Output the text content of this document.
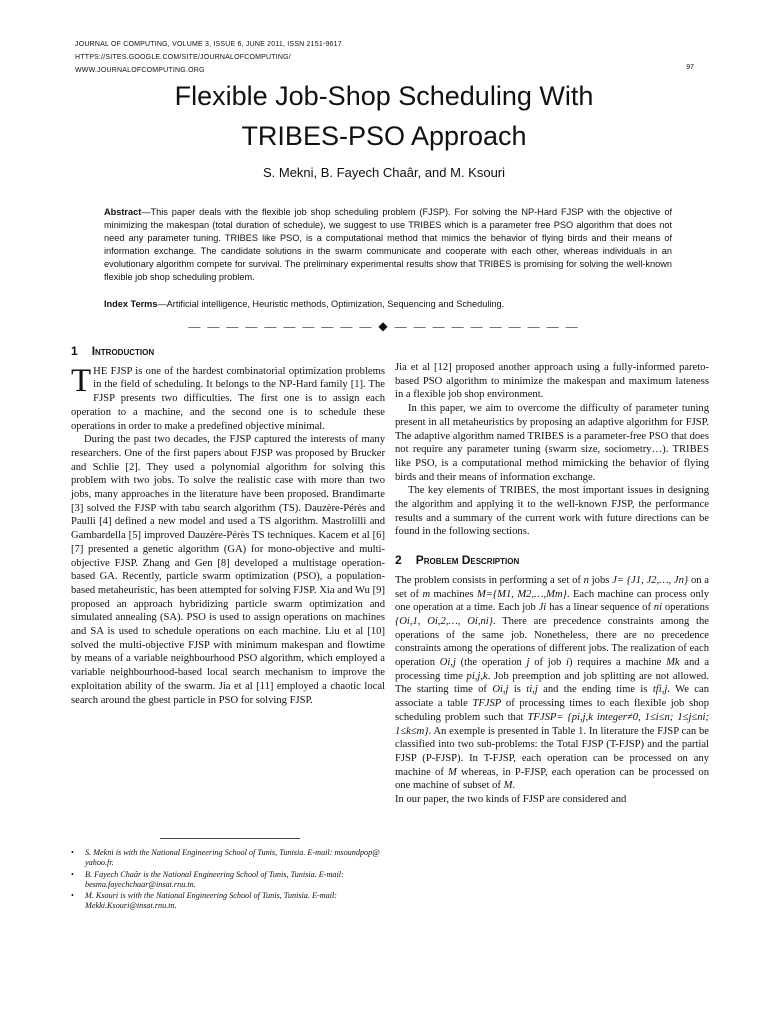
JOURNAL OF COMPUTING, VOLUME 3, ISSUE 6, JUNE 2011, ISSN 2151-9617
HTTPS://SITES.GOOGLE.COM/SITE/JOURNALOFCOMPUTING/
WWW.JOURNALOFCOMPUTING.ORG	97
Flexible Job-Shop Scheduling With
TRIBES-PSO Approach
S. Mekni, B. Fayech Chaâr, and M. Ksouri
Abstract—This paper deals with the flexible job shop scheduling problem (FJSP). For solving the NP-Hard FJSP with the objective of minimizing the makespan (total duration of schedule), we suggest to use TRIBES which is a parameter free PSO algorithm that does not need any parameter tuning. TRIBES like PSO, is a computational method that mimics the behavior of flying birds and their means of information exchange. The candidate solutions in the swarm communicate and cooperate with each other, whereas individuals in an evolutionary algorithm compete for survival. The preliminary experimental results show that TRIBES is promising for solving the well-known flexible job shop scheduling problem.
Index Terms—Artificial intelligence, Heuristic methods, Optimization, Sequencing and Scheduling.
— — — — — — — — — — ◆ — — — — — — — — — —
1 Introduction

THE FJSP is one of the hardest combinatorial optimization problems in the field of scheduling. It belongs to the NP-Hard family [1]. The FJSP presents two difficulties. The first one is to assign each operation to a machine, and the second one is to schedule these operations in order to make a predefined objective minimal.

During the past two decades, the FJSP captured the interests of many researchers. One of the first papers about FJSP was proposed by Brucker and Schlie [2]. They used a polynomial algorithm for solving this problem with two jobs. To solve the realistic case with more than two jobs, many approaches in the literature have been proposed. Brandimarte [3] solved the FJSP with tabu search algorithm (TS). Dauzère-Pérès and Paulli [4] defined a new model and used a TS algorithm. Mastrolilli and Gambardella [5] improved Dauzère-Pérès TS techniques. Kacem et al [6][7] presented a genetic algorithm (GA) for mono-objective and multi-objective FJSP. Zhang and Gen [8] developed a multistage operation-based GA. Recently, particle swarm optimization (PSO), a population-based metaheuristic, has been attempted for solving FJSP. Xia and Wu [9] proposed an approach hybridizing particle swarm optimization and simulated annealing (SA). PSO is used to assign operations on machines and SA is used to schedule operations on each machine. Liu et al [10] solved the multi-objective FJSP with minimum makespan and flowtime by means of a variable neighbourhood PSO algorithm, which employed a variable neighbourhood-based local search mechanism to improve the exploitation ability of the swarm. Jia et al [11] employed a chaotic local search around the gbest particle in PSO for solving FJSP.

Jia et al [12] proposed another approach using a fully-informed pareto-based PSO algorithm to minimize the makespan and maximum lateness in a flexible job shop environment.

In this paper, we aim to overcome the difficulty of parameter tuning present in all metaheuristics by proposing an adaptive algorithm for FJSP. The adaptive algorithm named TRIBES is a parameter-free PSO that does not require any parameter tuning (swarm size, sociometry…). TRIBES like PSO, is a computational method mimicking the behavior of flying birds and their means of information exchange.

The key elements of TRIBES, the most important issues in designing the algorithm and applying it to the well-known FJSP, the performance results and a summary of the current work with future directions can be found in the following sections.

2 Problem Description

The problem consists in performing a set of n jobs J= {J1, J2,…, Jn} on a set of m machines M={M1, M2,…,Mm}. Each machine can process only one operation at a time. Each job Ji has a linear sequence of ni operations {Oi,1, Oi,2,…, Oi,ni}. There are precedence constraints among the operations of the same job. Nonetheless, there are no precedence constraints among the operations of different jobs. The realization of each operation Oi,j (the operation j of job i) requires a machine Mk and a processing time pi,j,k. Job preemption and job splitting are not allowed. The starting time of Oi,j is ti,j and the ending time is tfi,j. We can associate a table TFJSP of processing times to each flexible job shop scheduling problem such that TFJSP= {pi,j,k integer≠0, 1≤i≤n; 1≤j≤ni; 1≤k≤m}. An exemple is presented in Table 1. In literature the FJSP can be classified into two sub-problems: the Total FJSP (T-FJSP) and the partial FJSP (P-FJSP). In T-FJSP, each operation can be processed on any machine of M whereas, in P-FJSP, each operation can be processed on one machine of subset of M.

In our paper, the two kinds of FJSP are considered and

• S. Mekni is with the National Engineering School of Tunis, Tunisia. E-mail: msoundpop@ yahoo.fr.
• B. Fayech Chaâr is the National Engineering School of Tunis, Tunisia. E-mail: besma.fayechchaar@insat.rnu.tn.
• M. Ksouri is with the National Engineering School of Tunis, Tunisia. E-mail: Mekki.Ksouri@insat.rnu.tn.
